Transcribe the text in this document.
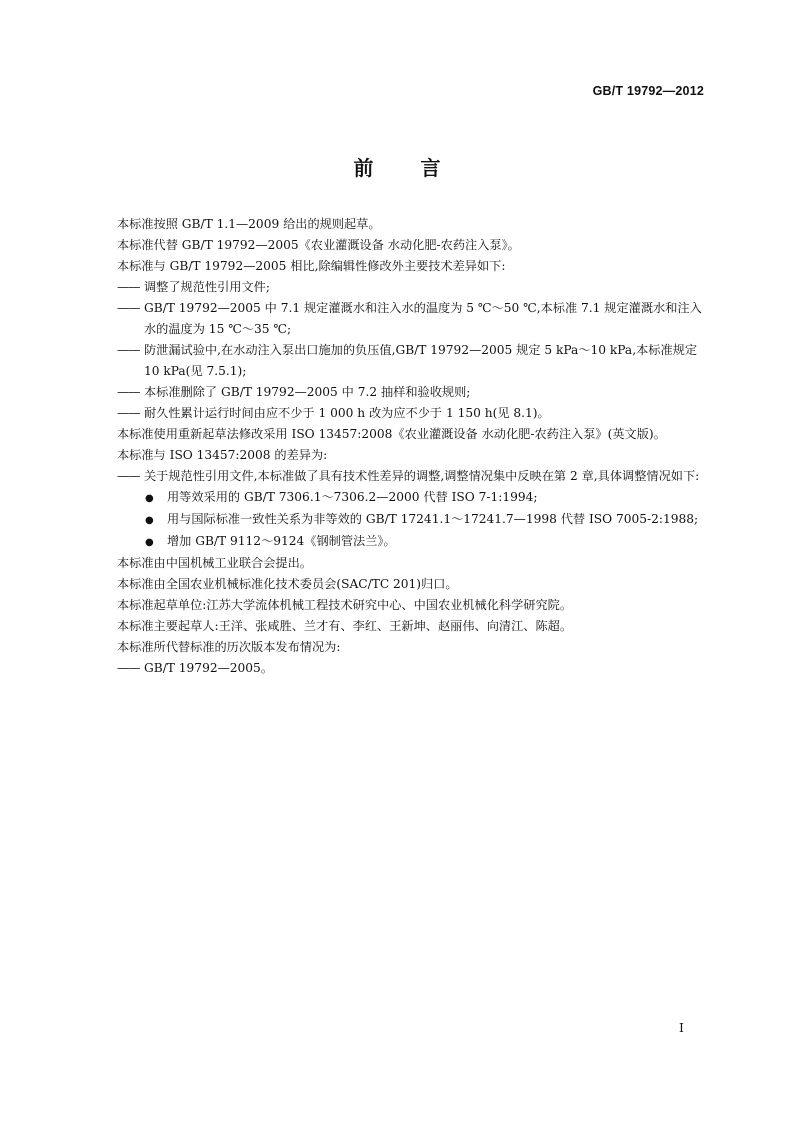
GB/T 19792—2012
前 言

本标准按照 GB/T 1.1—2009 给出的规则起草。

本标准代替 GB/T 19792—2005《农业灌溉设备 水动化肥-农药注入泵》。

本标准与 GB/T 19792—2005 相比,除编辑性修改外主要技术差异如下:

—— 调整了规范性引用文件;

—— GB/T 19792—2005 中 7.1 规定灌溉水和注入水的温度为 5 ℃～50 ℃,本标准 7.1 规定灌溉水和注入水的温度为 15 ℃～35 ℃;

—— 防泄漏试验中,在水动注入泵出口施加的负压值,GB/T 19792—2005 规定 5 kPa～10 kPa,本标准规定 10 kPa(见 7.5.1);

—— 本标准删除了 GB/T 19792—2005 中 7.2 抽样和验收规则;

—— 耐久性累计运行时间由应不少于 1 000 h 改为应不少于 1 150 h(见 8.1)。

本标准使用重新起草法修改采用 ISO 13457:2008《农业灌溉设备 水动化肥-农药注入泵》(英文版)。

本标准与 ISO 13457:2008 的差异为:

—— 关于规范性引用文件,本标准做了具有技术性差异的调整,调整情况集中反映在第 2 章,具体调整情况如下:

● 用等效采用的 GB/T 7306.1～7306.2—2000 代替 ISO 7-1:1994;

● 用与国际标准一致性关系为非等效的 GB/T 17241.1～17241.7—1998 代替 ISO 7005-2:1988;

● 增加 GB/T 9112～9124《钢制管法兰》。

本标准由中国机械工业联合会提出。

本标准由全国农业机械标准化技术委员会(SAC/TC 201)归口。

本标准起草单位:江苏大学流体机械工程技术研究中心、中国农业机械化科学研究院。

本标准主要起草人:王洋、张咸胜、兰才有、李红、王新坤、赵丽伟、向清江、陈超。

本标准所代替标准的历次版本发布情况为:

—— GB/T 19792—2005。

I
